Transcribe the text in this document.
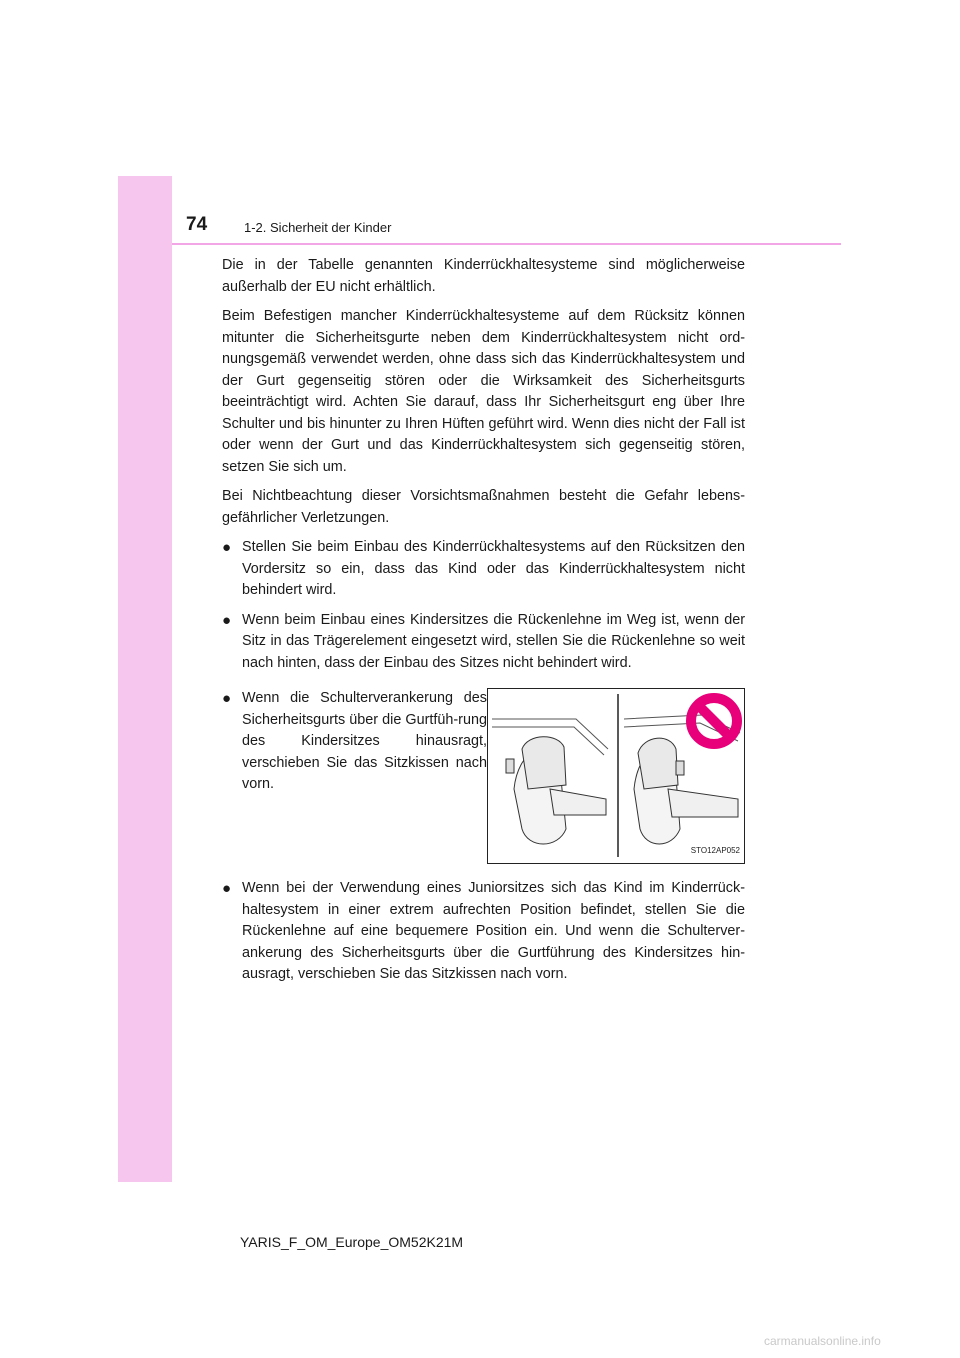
74	1-2. Sicherheit der Kinder

Die in der Tabelle genannten Kinderrückhaltesysteme sind möglicherweise außerhalb der EU nicht erhältlich.

Beim Befestigen mancher Kinderrückhaltesysteme auf dem Rücksitz können mitunter die Sicherheitsgurte neben dem Kinderrückhaltesystem nicht ord-nungsgemäß verwendet werden, ohne dass sich das Kinderrückhaltesystem und der Gurt gegenseitig stören oder die Wirksamkeit des Sicherheitsgurts beeinträchtigt wird. Achten Sie darauf, dass Ihr Sicherheitsgurt eng über Ihre Schulter und bis hinunter zu Ihren Hüften geführt wird. Wenn dies nicht der Fall ist oder wenn der Gurt und das Kinderrückhaltesystem sich gegenseitig stören, setzen Sie sich um.

Bei Nichtbeachtung dieser Vorsichtsmaßnahmen besteht die Gefahr lebens-gefährlicher Verletzungen.

● Stellen Sie beim Einbau des Kinderrückhaltesystems auf den Rücksitzen den Vordersitz so ein, dass das Kind oder das Kinderrückhaltesystem nicht behindert wird.
● Wenn beim Einbau eines Kindersitzes die Rückenlehne im Weg ist, wenn der Sitz in das Trägerelement eingesetzt wird, stellen Sie die Rückenlehne so weit nach hinten, dass der Einbau des Sitzes nicht behindert wird.
● Wenn die Schulterverankerung des Sicherheitsgurts über die Gurtfüh-rung des Kindersitzes hinausragt, verschieben Sie das Sitzkissen nach vorn.
STO12AP052
● Wenn bei der Verwendung eines Juniorsitzes sich das Kind im Kinderrück-haltesystem in einer extrem aufrechten Position befindet, stellen Sie die Rückenlehne auf eine bequemere Position ein. Und wenn die Schulterver-ankerung des Sicherheitsgurts über die Gurtführung des Kindersitzes hin-ausragt, verschieben Sie das Sitzkissen nach vorn.
YARIS_F_OM_Europe_OM52K21M
carmanualsonline.info
